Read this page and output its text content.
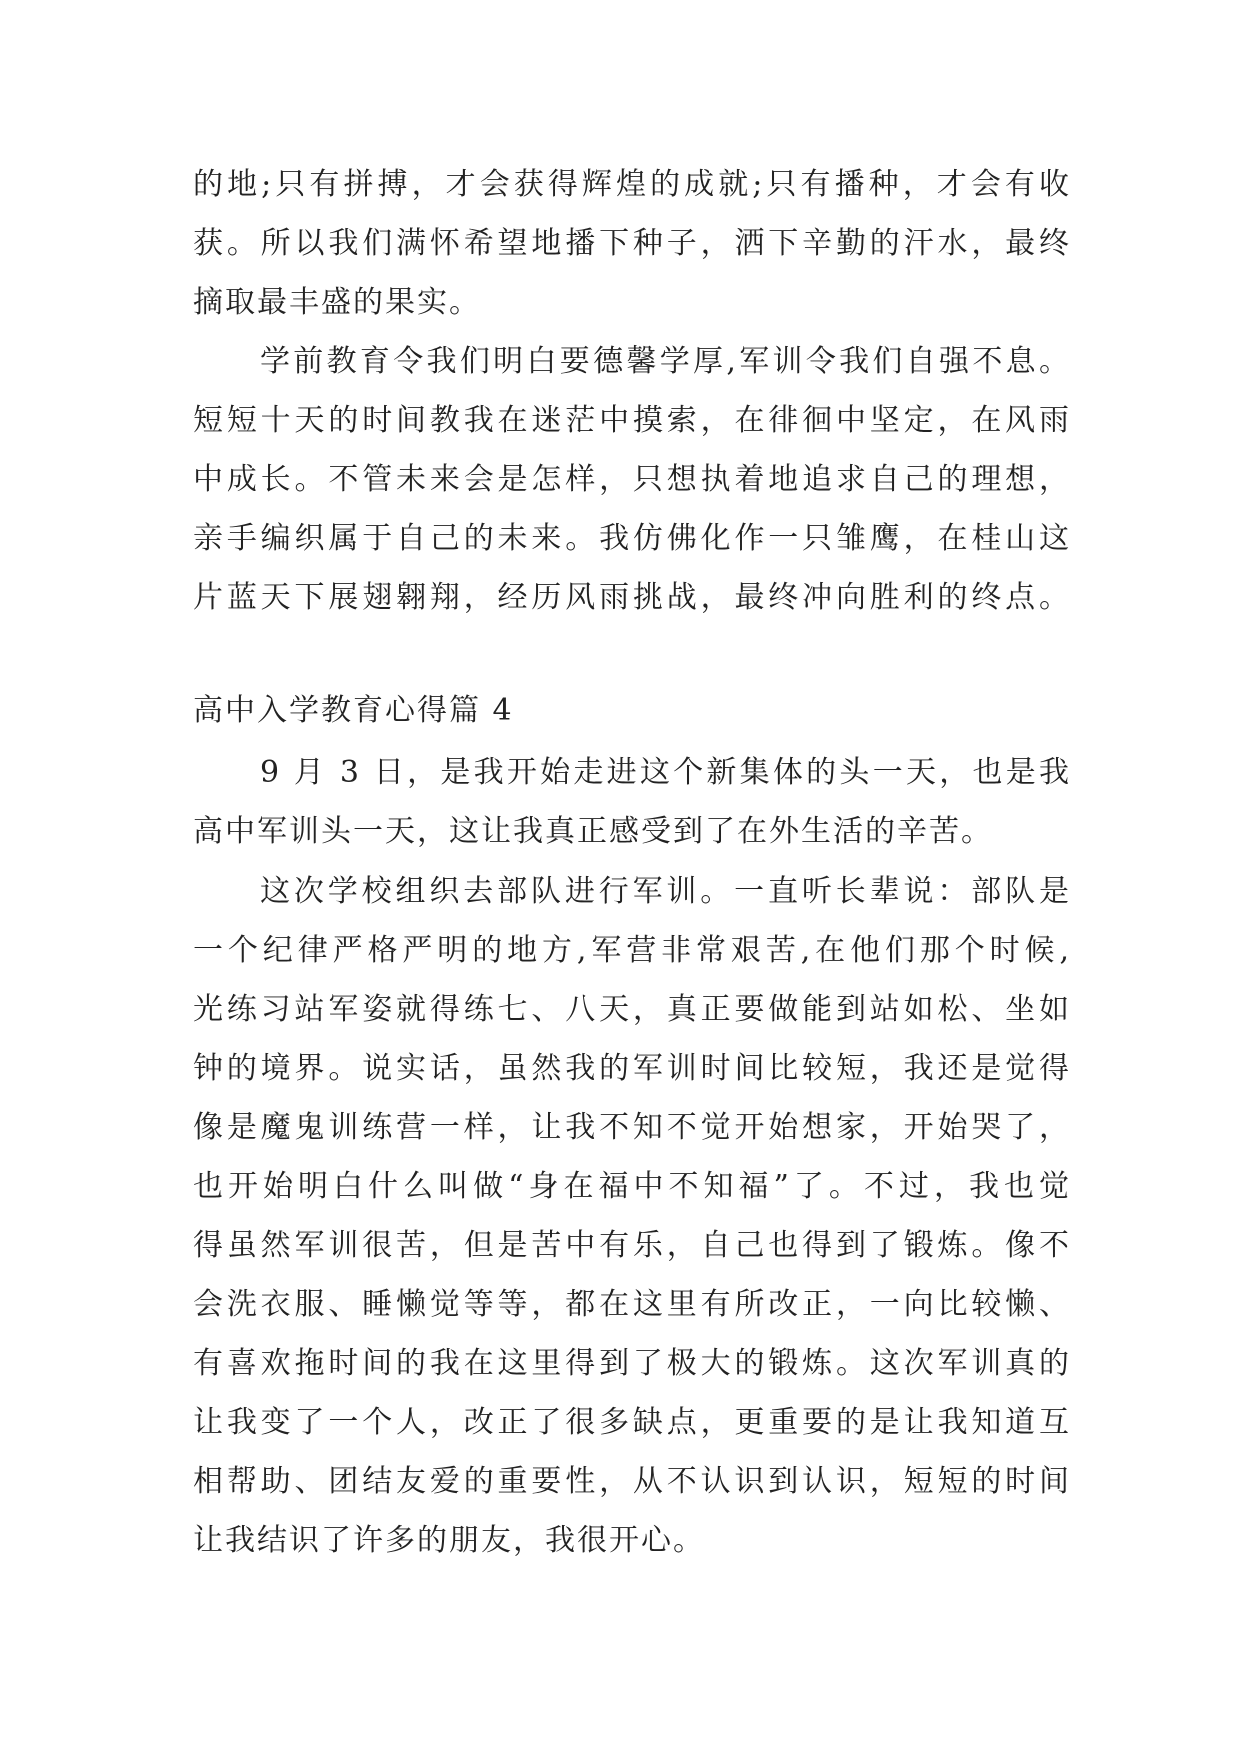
的地;只有拼搏，才会获得辉煌的成就;只有播种，才会有收
获。所以我们满怀希望地播下种子，洒下辛勤的汗水，最终
摘取最丰盛的果实。
学前教育令我们明白要德馨学厚,军训令我们自强不息。
短短十天的时间教我在迷茫中摸索，在徘徊中坚定，在风雨
中成长。不管未来会是怎样，只想执着地追求自己的理想，
亲手编织属于自己的未来。我仿佛化作一只雏鹰，在桂山这
片蓝天下展翅翱翔，经历风雨挑战，最终冲向胜利的终点。
高中入学教育心得篇 4
9 月 3 日，是我开始走进这个新集体的头一天，也是我
高中军训头一天，这让我真正感受到了在外生活的辛苦。
这次学校组织去部队进行军训。一直听长辈说：部队是
一个纪律严格严明的地方,军营非常艰苦,在他们那个时候,
光练习站军姿就得练七、八天，真正要做能到站如松、坐如
钟的境界。说实话，虽然我的军训时间比较短，我还是觉得
像是魔鬼训练营一样，让我不知不觉开始想家，开始哭了，
也开始明白什么叫做“身在福中不知福”了。不过，我也觉
得虽然军训很苦，但是苦中有乐，自己也得到了锻炼。像不
会洗衣服、睡懒觉等等，都在这里有所改正，一向比较懒、
有喜欢拖时间的我在这里得到了极大的锻炼。这次军训真的
让我变了一个人，改正了很多缺点，更重要的是让我知道互
相帮助、团结友爱的重要性，从不认识到认识，短短的时间
让我结识了许多的朋友，我很开心。
